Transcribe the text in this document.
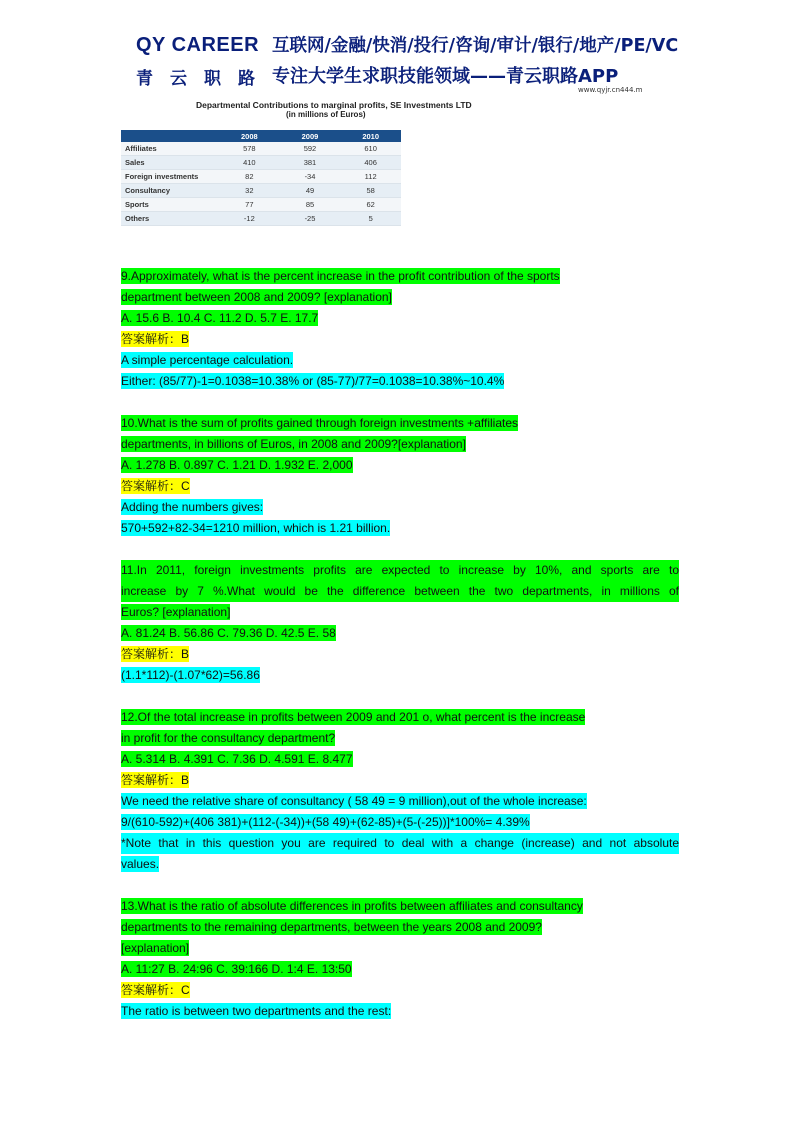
QY CAREER
青云职路
互联网/金融/快消/投行/咨询/审计/银行/地产/PE/VC
专注大学生求职技能领域——青云职路APP
www.qyjr.cn444.m
Departmental Contributions to marginal profits, SE Investments LTD
(in millions of Euros)
	2008	2009	2010
Affiliates	578	592	610
Sales	410	381	406
Foreign investments	82	-34	112
Consultancy	32	49	58
Sports	77	85	62
Others	-12	-25	5
9.Approximately, what is the percent increase in the profit contribution of the sports
department between 2008 and 2009? [explanation]
A. 15.6 B. 10.4 C. 11.2 D. 5.7 E. 17.7
答案解析：B
A simple percentage calculation.
Either: (85/77)-1=0.1038=10.38% or (85-77)/77=0.1038=10.38%~10.4%
10.What is the sum of profits gained through foreign investments +affiliates
departments, in billions of Euros, in 2008 and 2009?[explanation]
A. 1.278 B. 0.897 C. 1.21 D. 1.932 E. 2,000
答案解析：C
Adding the numbers gives:
570+592+82-34=1210 million, which is 1.21 billion.
11.In 2011, foreign investments profits are expected to increase by 10%, and sports are to
increase by 7 %.What would be the difference between the two departments, in millions of
Euros? [explanation]
A. 81.24 B. 56.86 C. 79.36 D. 42.5 E. 58
答案解析：B
(1.1*112)-(1.07*62)=56.86
12.Of the total increase in profits between 2009 and 201 o, what percent is the increase
in profit for the consultancy department?
A. 5.314 B. 4.391 C. 7.36 D. 4.591 E. 8.477
答案解析：B
We need the relative share of consultancy ( 58 49 = 9 million),out of the whole increase:
9/(610-592)+(406 381)+(112-(-34))+(58 49)+(62-85)+(5-(-25))]*100%= 4.39%
*Note that in this question you are required to deal with a change (increase) and not absolute
values.
13.What is the ratio of absolute differences in profits between affiliates and consultancy
departments to the remaining departments, between the years 2008 and 2009?
[explanation]
A. 11:27 B. 24:96 C. 39:166 D. 1:4 E. 13:50
答案解析：C
The ratio is between two departments and the rest:
